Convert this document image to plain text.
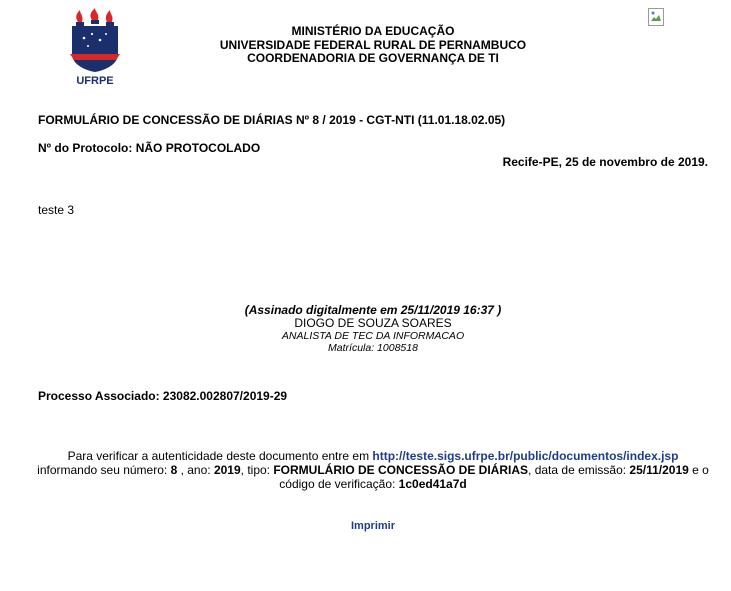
UFRPE
MINISTÉRIO DA EDUCAÇÃO
UNIVERSIDADE FEDERAL RURAL DE PERNAMBUCO
COORDENADORIA DE GOVERNANÇA DE TI
FORMULÁRIO DE CONCESSÃO DE DIÁRIAS Nº 8 / 2019 - CGT-NTI (11.01.18.02.05)
Nº do Protocolo: NÃO PROTOCOLADO
Recife-PE, 25 de novembro de 2019.
teste 3
(Assinado digitalmente em 25/11/2019 16:37 )
DIOGO DE SOUZA SOARES
ANALISTA DE TEC DA INFORMACAO
Matrícula: 1008518
Processo Associado: 23082.002807/2019-29
Para verificar a autenticidade deste documento entre em http://teste.sigs.ufrpe.br/public/documentos/index.jsp
informando seu número: 8 , ano: 2019, tipo: FORMULÁRIO DE CONCESSÃO DE DIÁRIAS, data de emissão: 25/11/2019 e o código de verificação: 1c0ed41a7d
Imprimir
